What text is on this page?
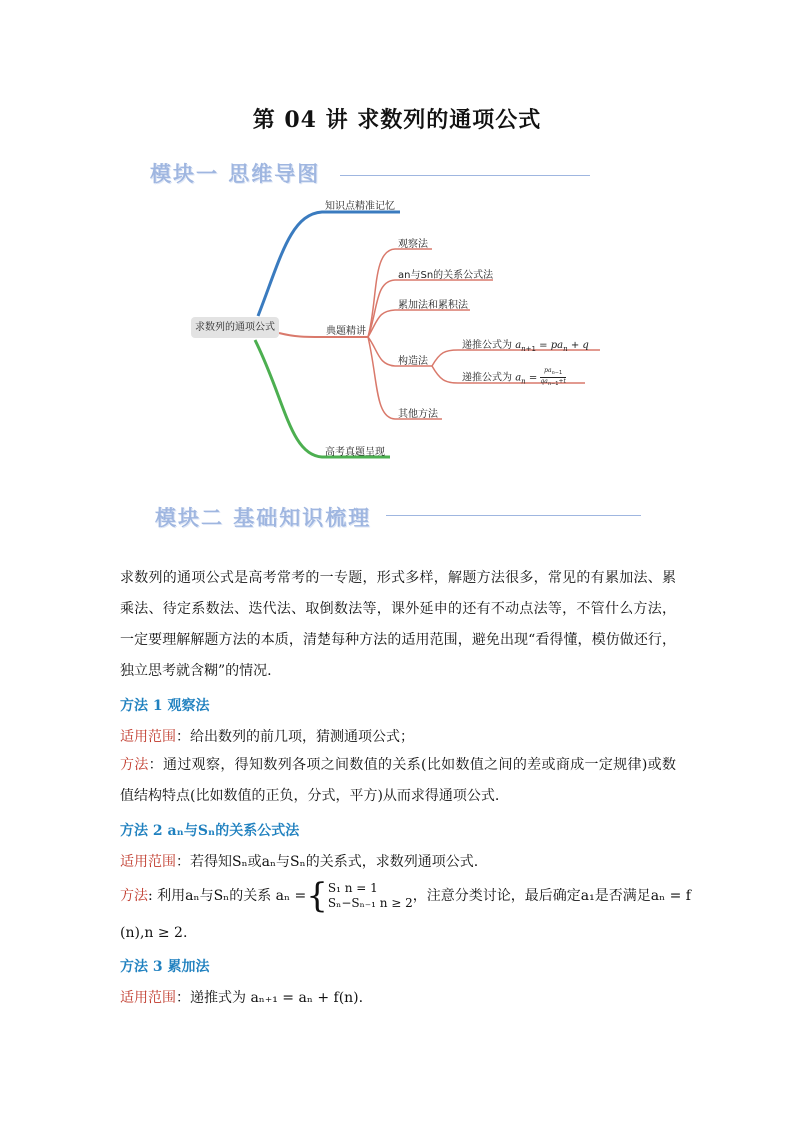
第 04 讲 求数列的通项公式
模块一 思维导图
求数列的通项公式
知识点精准记忆
典题精讲
高考真题呈现
观察法
an与Sn的关系公式法
累加法和累积法
构造法
其他方法
递推公式为 $a_{n+1} = pa_n + q$
递推公式为 $a_n$ =
$pa_{n-1}$
$qa_{n-1}+t$
模块二 基础知识梳理
求数列的通项公式是高考常考的一专题，形式多样，解题方法很多，常见的有累加法、累乘法、待定系数法、迭代法、取倒数法等，课外延申的还有不动点法等，不管什么方法，一定要理解解题方法的本质，清楚每种方法的适用范围，避免出现“看得懂，模仿做还行，独立思考就含糊”的情况.
方法 1 观察法
适用范围：给出数列的前几项，猜测通项公式；
方法：通过观察，得知数列各项之间数值的关系(比如数值之间的差或商成一定规律)或数值结构特点(比如数值的正负，分式，平方)从而求得通项公式.
方法 2 aₙ与Sₙ的关系公式法
适用范围：若得知Sₙ或aₙ与Sₙ的关系式，求数列通项公式.
方法: 利用aₙ与Sₙ的关系 aₙ ={ S₁ n = 1
Sₙ−Sₙ₋₁ n ≥ 2 ，注意分类讨论，最后确定a₁是否满足aₙ = f
(n),n ≥ 2.
方法 3 累加法
适用范围：递推式为 aₙ₊₁ = aₙ + f(n).
